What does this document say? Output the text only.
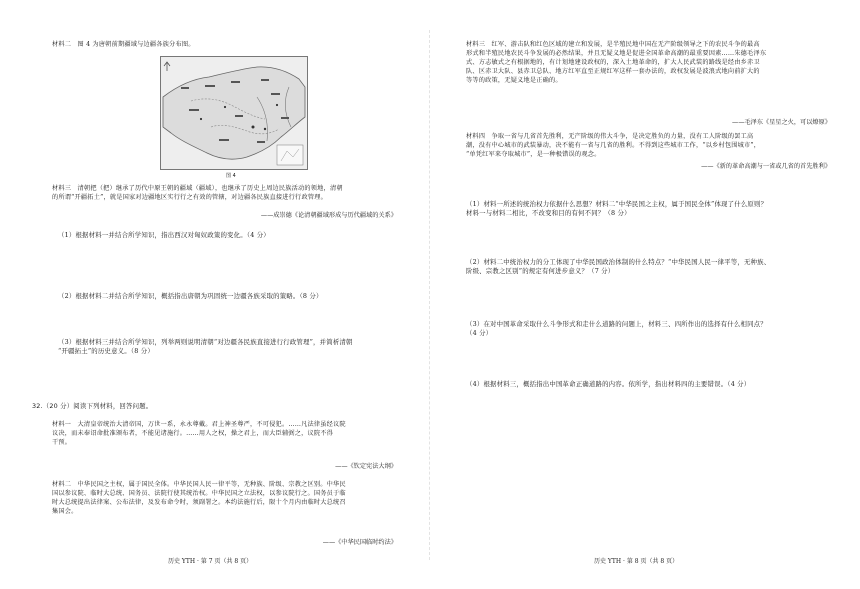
材料二　图 4 为唐朝前期疆域与边疆各族分布图。
图 4
材料三　清朝把（把）继承了历代中原王朝的疆域（疆域），也继承了历史上周边民族活动的领地，清朝
的所谓“开疆拓土”，就是国家对边疆地区实行行之有效的管辖，对边疆各民族直接进行行政管理。
——成崇德《论清朝疆域形成与历代疆域的关系》
（1）根据材料一并结合所学知识，指出西汉对匈奴政策的变化。（4 分）
（2）根据材料二并结合所学知识，概括指出唐朝为巩固统一边疆各族采取的策略。（8 分）
（3）根据材料三并结合所学知识，列举两则说明清朝“对边疆各民族直接进行行政管理”，并简析清朝
“开疆拓土”的历史意义。（8 分）
32.（20 分）阅读下列材料，回答问题。
材料一　大清皇帝统治大清帝国，万世一系，永永尊戴。君上神圣尊严，不可侵犯。……凡法律虽经议院
议决，而未奉诏命批准颁布者，不能见诸施行。……用人之权，操之君上，而大臣辅弼之，议院不得
干预。
——《钦定宪法大纲》
材料二　中华民国之主权，属于国民全体。中华民国人民一律平等，无种族、阶级、宗教之区别。中华民
国以参议院、临时大总统、国务员、法院行使其统治权。中华民国之立法权，以参议院行之。国务员于临
时大总统提出法律案、公布法律，及发布命令时，须副署之。本约法施行后，限十个月内由临时大总统召
集国会。
——《中华民国临时约法》
历史 YTH · 第 7 页（共 8 页）
材料三　红军、游击队和红色区域的建立和发展，是半殖民地中国在无产阶级领导之下的农民斗争的最高
形式和半殖民地农民斗争发展的必然结果，并且无疑义地是促进全国革命高潮的最重要因素……朱德毛泽东
式、方志敏式之有根据地的，有计划地建设政权的，深入土地革命的，扩大人民武装的路线是经由乡赤卫
队、区赤卫大队、县赤卫总队、地方红军直至正规红军这样一套办法的，政权发展是波浪式地向前扩大的
等等的政策，无疑义地是正确的。
——毛泽东《星星之火，可以燎原》
材料四　争取一省与几省首先胜利，无产阶级的伟大斗争，是决定胜负的力量，没有工人阶级的罢工高
潮，没有中心城市的武装暴动，决不能有一省与几省的胜利。不得到这些城市工作，“以乡村包围城市”，
“单凭红军来夺取城市”，是一种极错误的观念。
——《新的革命高潮与一省或几省的首先胜利》
（1）材料一所述的统治权力依据什么思想？材料二“中华民国之主权，属于国民全体”体现了什么原则？
材料一与材料二相比，不改变和目的有何不同？（8 分）
（2）材料二中统治权力的分工体现了中华民国政治体制的什么特点？“中华民国人民一律平等，无种族、
阶级、宗教之区别”的规定有何进步意义？（7 分）
（3）在对中国革命采取什么斗争形式和走什么道路的问题上，材料三、四所作出的选择有什么相同点？
（4 分）
（4）根据材料三，概括指出中国革命正确道路的内容。依所学，指出材料四的主要错误。（4 分）
历史 YTH · 第 8 页（共 8 页）
